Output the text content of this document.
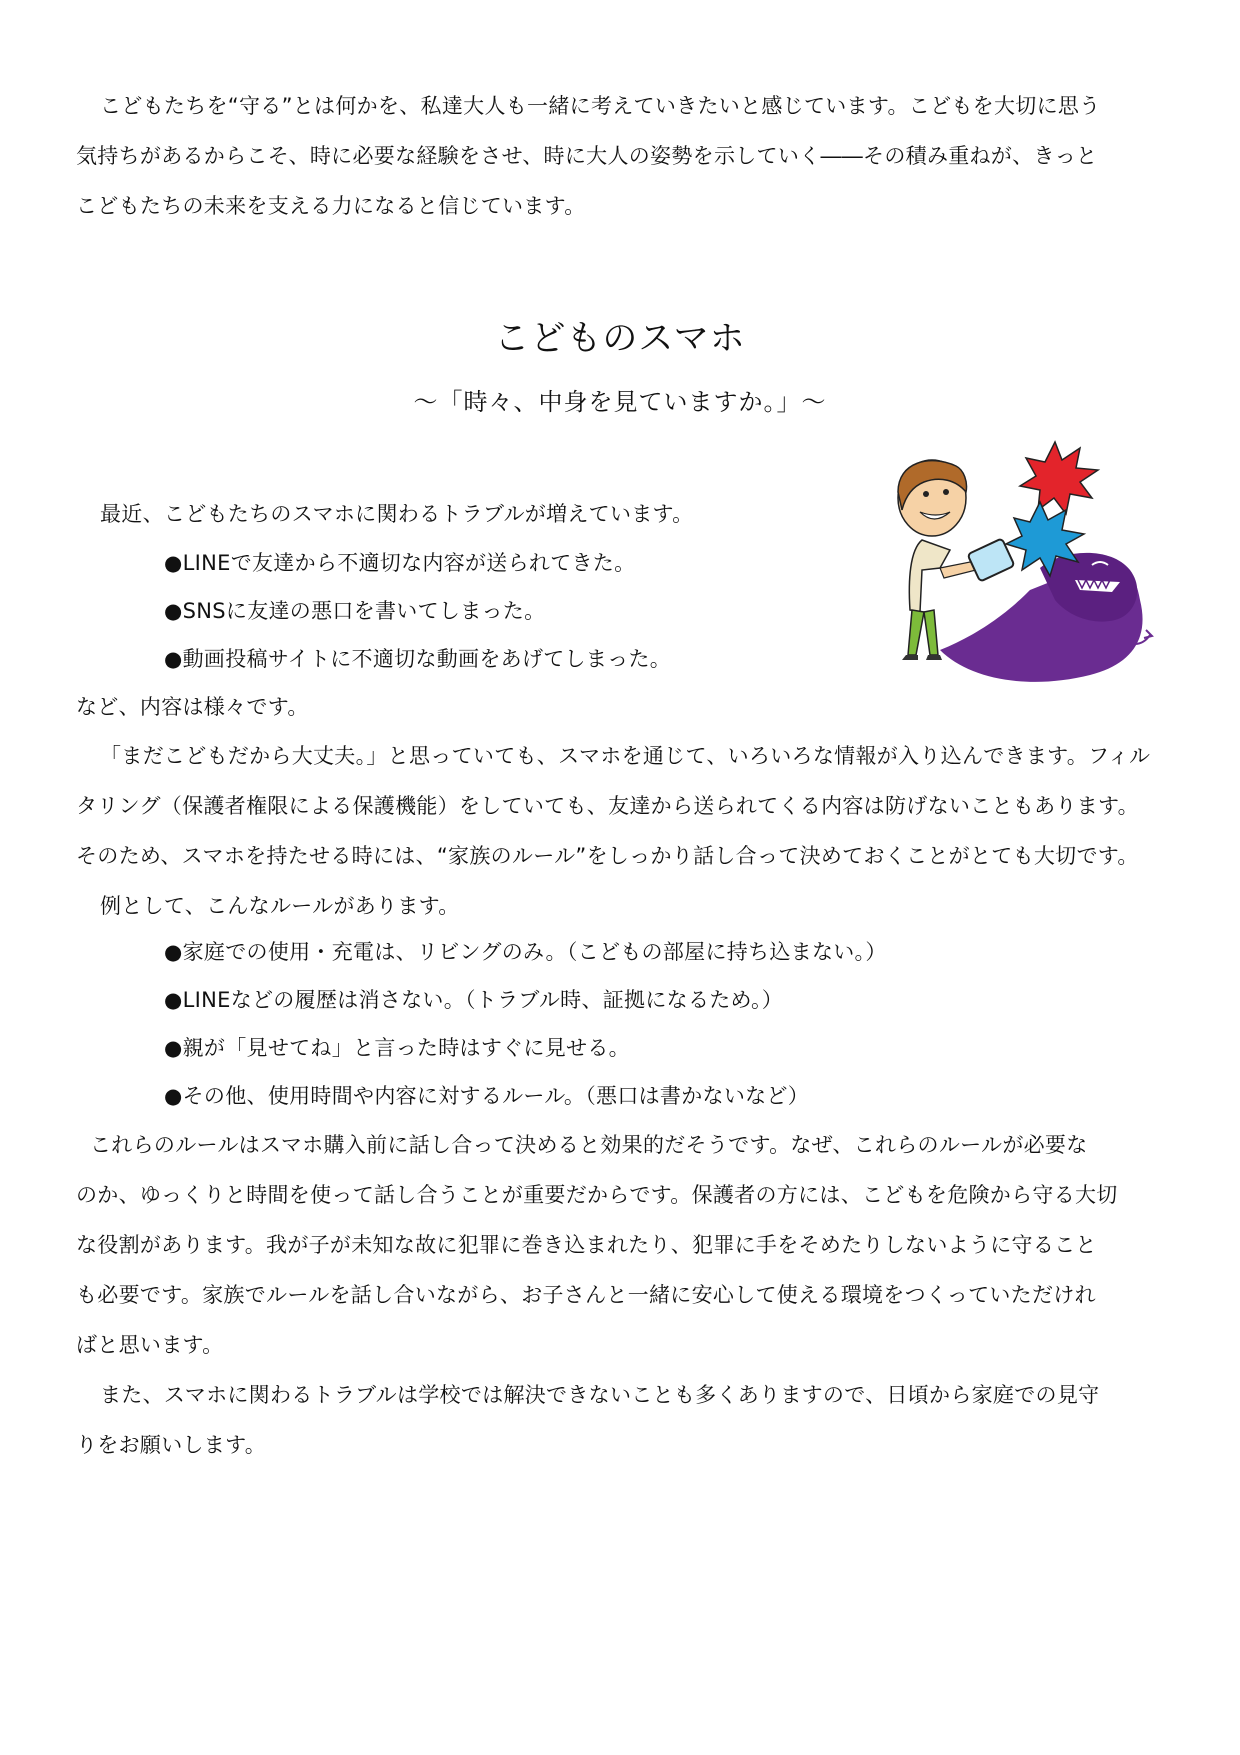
こどもたちを“守る”とは何かを、私達大人も一緒に考えていきたいと感じています。こどもを大切に思う
気持ちがあるからこそ、時に必要な経験をさせ、時に大人の姿勢を示していく――その積み重ねが、きっと
こどもたちの未来を支える力になると信じています。
こどものスマホ
～「時々、中身を見ていますか。」～
最近、こどもたちのスマホに関わるトラブルが増えています。
●LINEで友達から不適切な内容が送られてきた。
●SNSに友達の悪口を書いてしまった。
●動画投稿サイトに不適切な動画をあげてしまった。
など、内容は様々です。
「まだこどもだから大丈夫。」と思っていても、スマホを通じて、いろいろな情報が入り込んできます。フィル
タリング（保護者権限による保護機能）をしていても、友達から送られてくる内容は防げないこともあります。
そのため、スマホを持たせる時には、“家族のルール”をしっかり話し合って決めておくことがとても大切です。
例として、こんなルールがあります。
●家庭での使用・充電は、リビングのみ。（こどもの部屋に持ち込まない。）
●LINEなどの履歴は消さない。（トラブル時、証拠になるため。）
●親が「見せてね」と言った時はすぐに見せる。
●その他、使用時間や内容に対するルール。（悪口は書かないなど）
これらのルールはスマホ購入前に話し合って決めると効果的だそうです。なぜ、これらのルールが必要な
のか、ゆっくりと時間を使って話し合うことが重要だからです。保護者の方には、こどもを危険から守る大切
な役割があります。我が子が未知な故に犯罪に巻き込まれたり、犯罪に手をそめたりしないように守ること
も必要です。家族でルールを話し合いながら、お子さんと一緒に安心して使える環境をつくっていただけれ
ばと思います。
また、スマホに関わるトラブルは学校では解決できないことも多くありますので、日頃から家庭での見守
りをお願いします。
